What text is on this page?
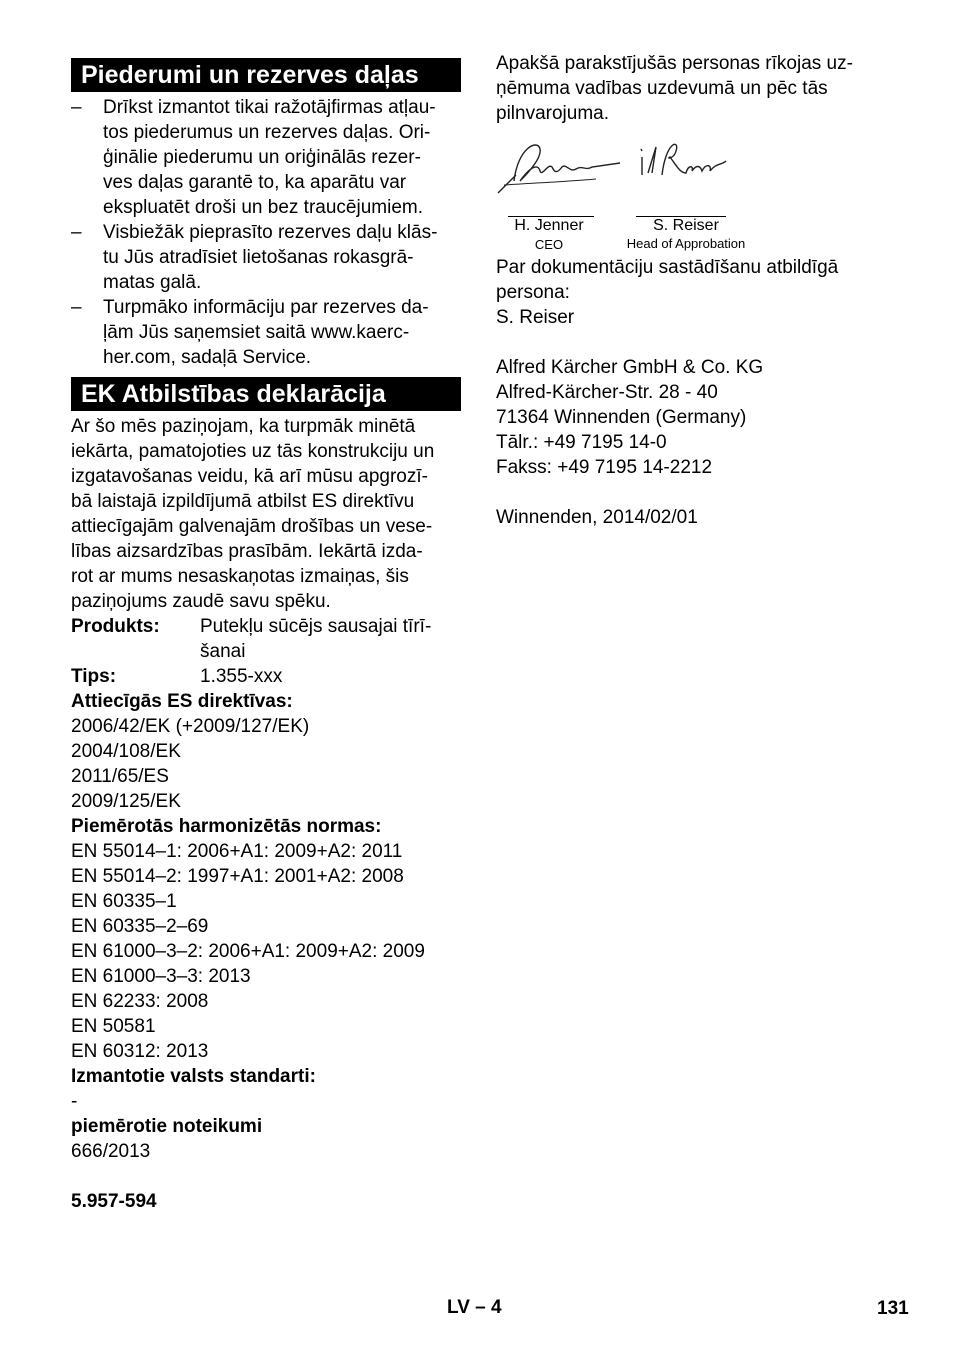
Piederumi un rezerves daļas
– Drīkst izmantot tikai ražotājfirmas atļau-
tos piederumus un rezerves daļas. Ori-
ģinālie piederumu un oriģinālās rezer-
ves daļas garantē to, ka aparātu var
ekspluatēt droši un bez traucējumiem.
– Visbiežāk pieprasīto rezerves daļu klās-
tu Jūs atradīsiet lietošanas rokasgrā-
matas galā.
– Turpmāko informāciju par rezerves da-
ļām Jūs saņemsiet saitā www.kaerc-
her.com, sadaļā Service.
EK Atbilstības deklarācija
Ar šo mēs paziņojam, ka turpmāk minētā
iekārta, pamatojoties uz tās konstrukciju un
izgatavošanas veidu, kā arī mūsu apgrozī-
bā laistajā izpildījumā atbilst ES direktīvu
attiecīgajām galvenajām drošības un vese-
lības aizsardzības prasībām. Iekārtā izda-
rot ar mums nesaskaņotas izmaiņas, šis
paziņojums zaudē savu spēku.
Produkts:	Putekļu sūcējs sausajai tīrī-
šanai
Tips:	1.355-xxx
Attiecīgās ES direktīvas:
2006/42/EK (+2009/127/EK)
2004/108/EK
2011/65/ES
2009/125/EK
Piemērotās harmonizētās normas:
EN 55014–1: 2006+A1: 2009+A2: 2011
EN 55014–2: 1997+A1: 2001+A2: 2008
EN 60335–1
EN 60335–2–69
EN 61000–3–2: 2006+A1: 2009+A2: 2009
EN 61000–3–3: 2013
EN 62233: 2008
EN 50581
EN 60312: 2013
Izmantotie valsts standarti:
-
piemērotie noteikumi
666/2013
5.957-594
Apakšā parakstījušās personas rīkojas uz-
ņēmuma vadības uzdevumā un pēc tās
pilnvarojuma.
H. Jenner
CEO
S. Reiser
Head of Approbation
Par dokumentāciju sastādīšanu atbildīgā
persona:
S. Reiser
Alfred Kärcher GmbH & Co. KG
Alfred-Kärcher-Str. 28 - 40
71364 Winnenden (Germany)
Tālr.: +49 7195 14-0
Fakss: +49 7195 14-2212
Winnenden, 2014/02/01
LV – 4	131
